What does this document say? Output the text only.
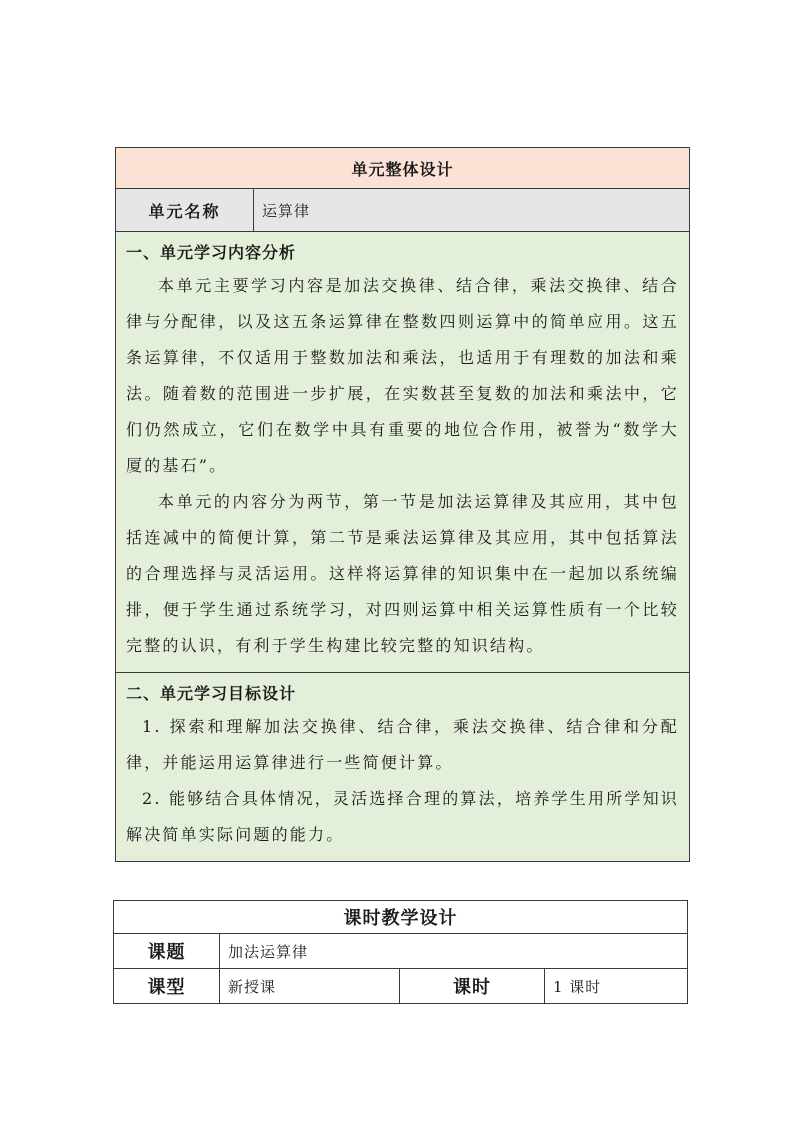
单元整体设计
单元名称	运算律

一、单元学习内容分析

本单元主要学习内容是加法交换律、结合律，乘法交换律、结合律与分配律，以及这五条运算律在整数四则运算中的简单应用。这五条运算律，不仅适用于整数加法和乘法，也适用于有理数的加法和乘法。随着数的范围进一步扩展，在实数甚至复数的加法和乘法中，它们仍然成立，它们在数学中具有重要的地位合作用，被誉为“数学大厦的基石”。

本单元的内容分为两节，第一节是加法运算律及其应用，其中包括连减中的简便计算，第二节是乘法运算律及其应用，其中包括算法的合理选择与灵活运用。这样将运算律的知识集中在一起加以系统编排，便于学生通过系统学习，对四则运算中相关运算性质有一个比较完整的认识，有利于学生构建比较完整的知识结构。

二、单元学习目标设计

1. 探索和理解加法交换律、结合律，乘法交换律、结合律和分配律，并能运用运算律进行一些简便计算。

2. 能够结合具体情况，灵活选择合理的算法，培养学生用所学知识解决简单实际问题的能力。

课时教学设计			
课题	加法运算律		
课型	新授课	课时	1 课时
